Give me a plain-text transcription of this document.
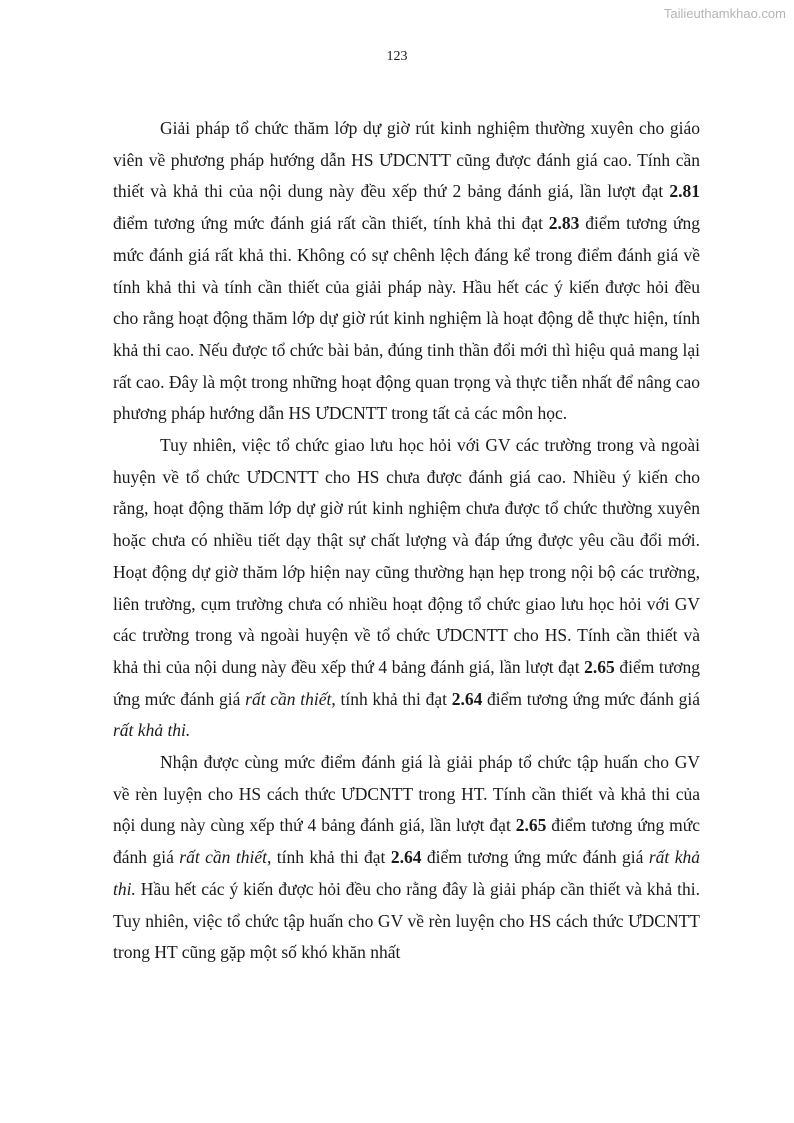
Tailieuthamkhao.com
123

Giải pháp tổ chức thăm lớp dự giờ rút kinh nghiệm thường xuyên cho giáo viên về phương pháp hướng dẫn HS ƯDCNTT cũng được đánh giá cao. Tính cần thiết và khả thi của nội dung này đều xếp thứ 2 bảng đánh giá, lần lượt đạt 2.81 điểm tương ứng mức đánh giá rất cần thiết, tính khả thi đạt 2.83 điểm tương ứng mức đánh giá rất khả thi. Không có sự chênh lệch đáng kể trong điểm đánh giá về tính khả thi và tính cần thiết của giải pháp này. Hầu hết các ý kiến được hỏi đều cho rằng hoạt động thăm lớp dự giờ rút kinh nghiệm là hoạt động dễ thực hiện, tính khả thi cao. Nếu được tổ chức bài bản, đúng tinh thần đổi mới thì hiệu quả mang lại rất cao. Đây là một trong những hoạt động quan trọng và thực tiễn nhất để nâng cao phương pháp hướng dẫn HS ƯDCNTT trong tất cả các môn học.

Tuy nhiên, việc tổ chức giao lưu học hỏi với GV các trường trong và ngoài huyện về tổ chức ƯDCNTT cho HS chưa được đánh giá cao. Nhiều ý kiến cho rằng, hoạt động thăm lớp dự giờ rút kinh nghiệm chưa được tổ chức thường xuyên hoặc chưa có nhiều tiết dạy thật sự chất lượng và đáp ứng được yêu cầu đổi mới. Hoạt động dự giờ thăm lớp hiện nay cũng thường hạn hẹp trong nội bộ các trường, liên trường, cụm trường chưa có nhiều hoạt động tổ chức giao lưu học hỏi với GV các trường trong và ngoài huyện về tổ chức ƯDCNTT cho HS. Tính cần thiết và khả thi của nội dung này đều xếp thứ 4 bảng đánh giá, lần lượt đạt 2.65 điểm tương ứng mức đánh giá rất cần thiết, tính khả thi đạt 2.64 điểm tương ứng mức đánh giá rất khả thi.

Nhận được cùng mức điểm đánh giá là giải pháp tổ chức tập huấn cho GV về rèn luyện cho HS cách thức ƯDCNTT trong HT. Tính cần thiết và khả thi của nội dung này cùng xếp thứ 4 bảng đánh giá, lần lượt đạt 2.65 điểm tương ứng mức đánh giá rất cần thiết, tính khả thi đạt 2.64 điểm tương ứng mức đánh giá rất khả thi. Hầu hết các ý kiến được hỏi đều cho rằng đây là giải pháp cần thiết và khả thi. Tuy nhiên, việc tổ chức tập huấn cho GV về rèn luyện cho HS cách thức ƯDCNTT trong HT cũng gặp một số khó khăn nhất
